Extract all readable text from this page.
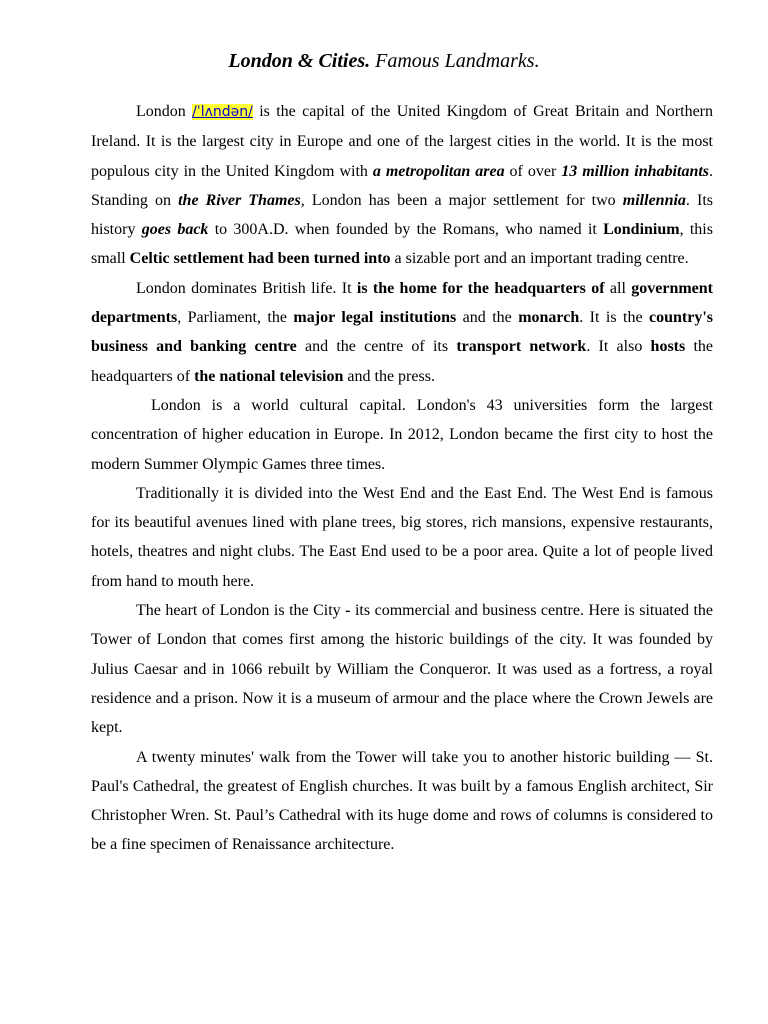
London & Cities. Famous Landmarks.

London /ˈlʌndən/ is the capital of the United Kingdom of Great Britain and Northern Ireland. It is the largest city in Europe and one of the largest cities in the world. It is the most populous city in the United Kingdom with a metropolitan area of over 13 million inhabitants. Standing on the River Thames, London has been a major settlement for two millennia. Its history goes back to 300A.D. when founded by the Romans, who named it Londinium, this small Celtic settlement had been turned into a sizable port and an important trading centre.

London dominates British life. It is the home for the headquarters of all government departments, Parliament, the major legal institutions and the monarch. It is the country's business and banking centre and the centre of its transport network. It also hosts the headquarters of the national television and the press.

London is a world cultural capital. London's 43 universities form the largest concentration of higher education in Europe. In 2012, London became the first city to host the modern Summer Olympic Games three times.

Traditionally it is divided into the West End and the East End. The West End is famous for its beautiful avenues lined with plane trees, big stores, rich mansions, expensive restaurants, hotels, theatres and night clubs. The East End used to be a poor area. Quite a lot of people lived from hand to mouth here.

The heart of London is the City - its commercial and business centre. Here is situated the Tower of London that comes first among the historic buildings of the city. It was founded by Julius Caesar and in 1066 rebuilt by William the Conqueror. It was used as a fortress, a royal residence and a prison. Now it is a museum of armour and the place where the Crown Jewels are kept.

A twenty minutes' walk from the Tower will take you to another historic building — St. Paul's Cathedral, the greatest of English churches. It was built by a famous English architect, Sir Christopher Wren. St. Paul’s Cathedral with its huge dome and rows of columns is considered to be a fine specimen of Renaissance architecture.
